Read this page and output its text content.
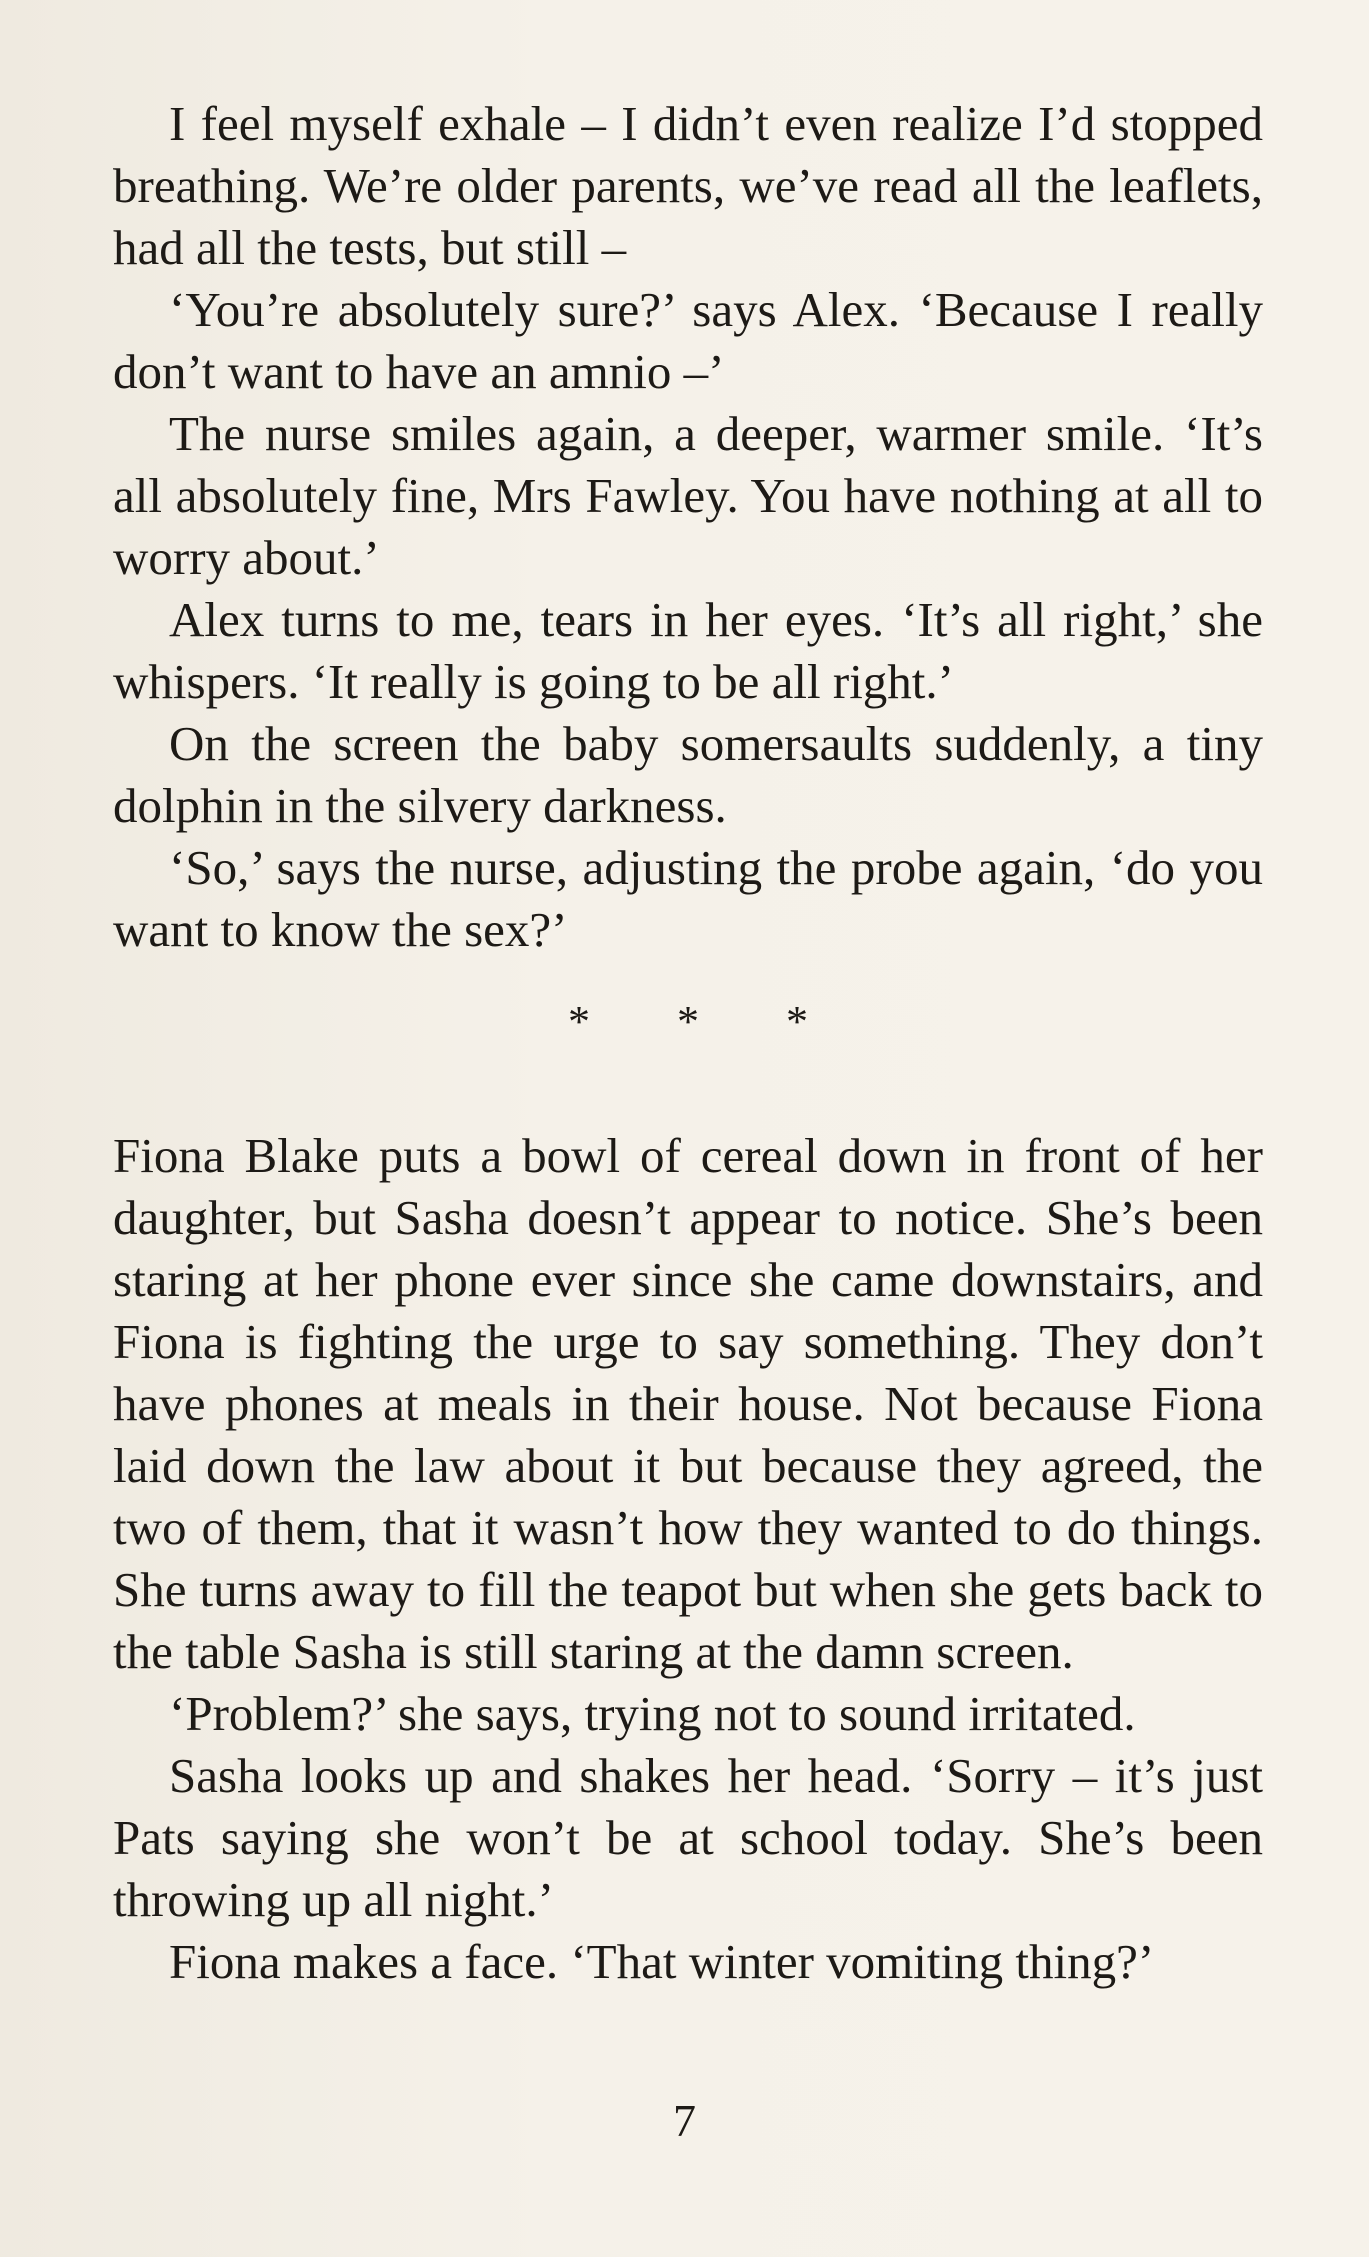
I feel myself exhale – I didn’t even realize I’d stopped breathing. We’re older parents, we’ve read all the leaflets, had all the tests, but still –

‘You’re absolutely sure?’ says Alex. ‘Because I really don’t want to have an amnio –’

The nurse smiles again, a deeper, warmer smile. ‘It’s all absolutely fine, Mrs Fawley. You have nothing at all to worry about.’

Alex turns to me, tears in her eyes. ‘It’s all right,’ she whispers. ‘It really is going to be all right.’

On the screen the baby somersaults suddenly, a tiny dolphin in the silvery darkness.

‘So,’ says the nurse, adjusting the probe again, ‘do you want to know the sex?’

* * *

Fiona Blake puts a bowl of cereal down in front of her daughter, but Sasha doesn’t appear to notice. She’s been staring at her phone ever since she came downstairs, and Fiona is fighting the urge to say something. They don’t have phones at meals in their house. Not because Fiona laid down the law about it but because they agreed, the two of them, that it wasn’t how they wanted to do things. She turns away to fill the teapot but when she gets back to the table Sasha is still staring at the damn screen.

‘Problem?’ she says, trying not to sound irritated.

Sasha looks up and shakes her head. ‘Sorry – it’s just Pats saying she won’t be at school today. She’s been throwing up all night.’

Fiona makes a face. ‘That winter vomiting thing?’

7
